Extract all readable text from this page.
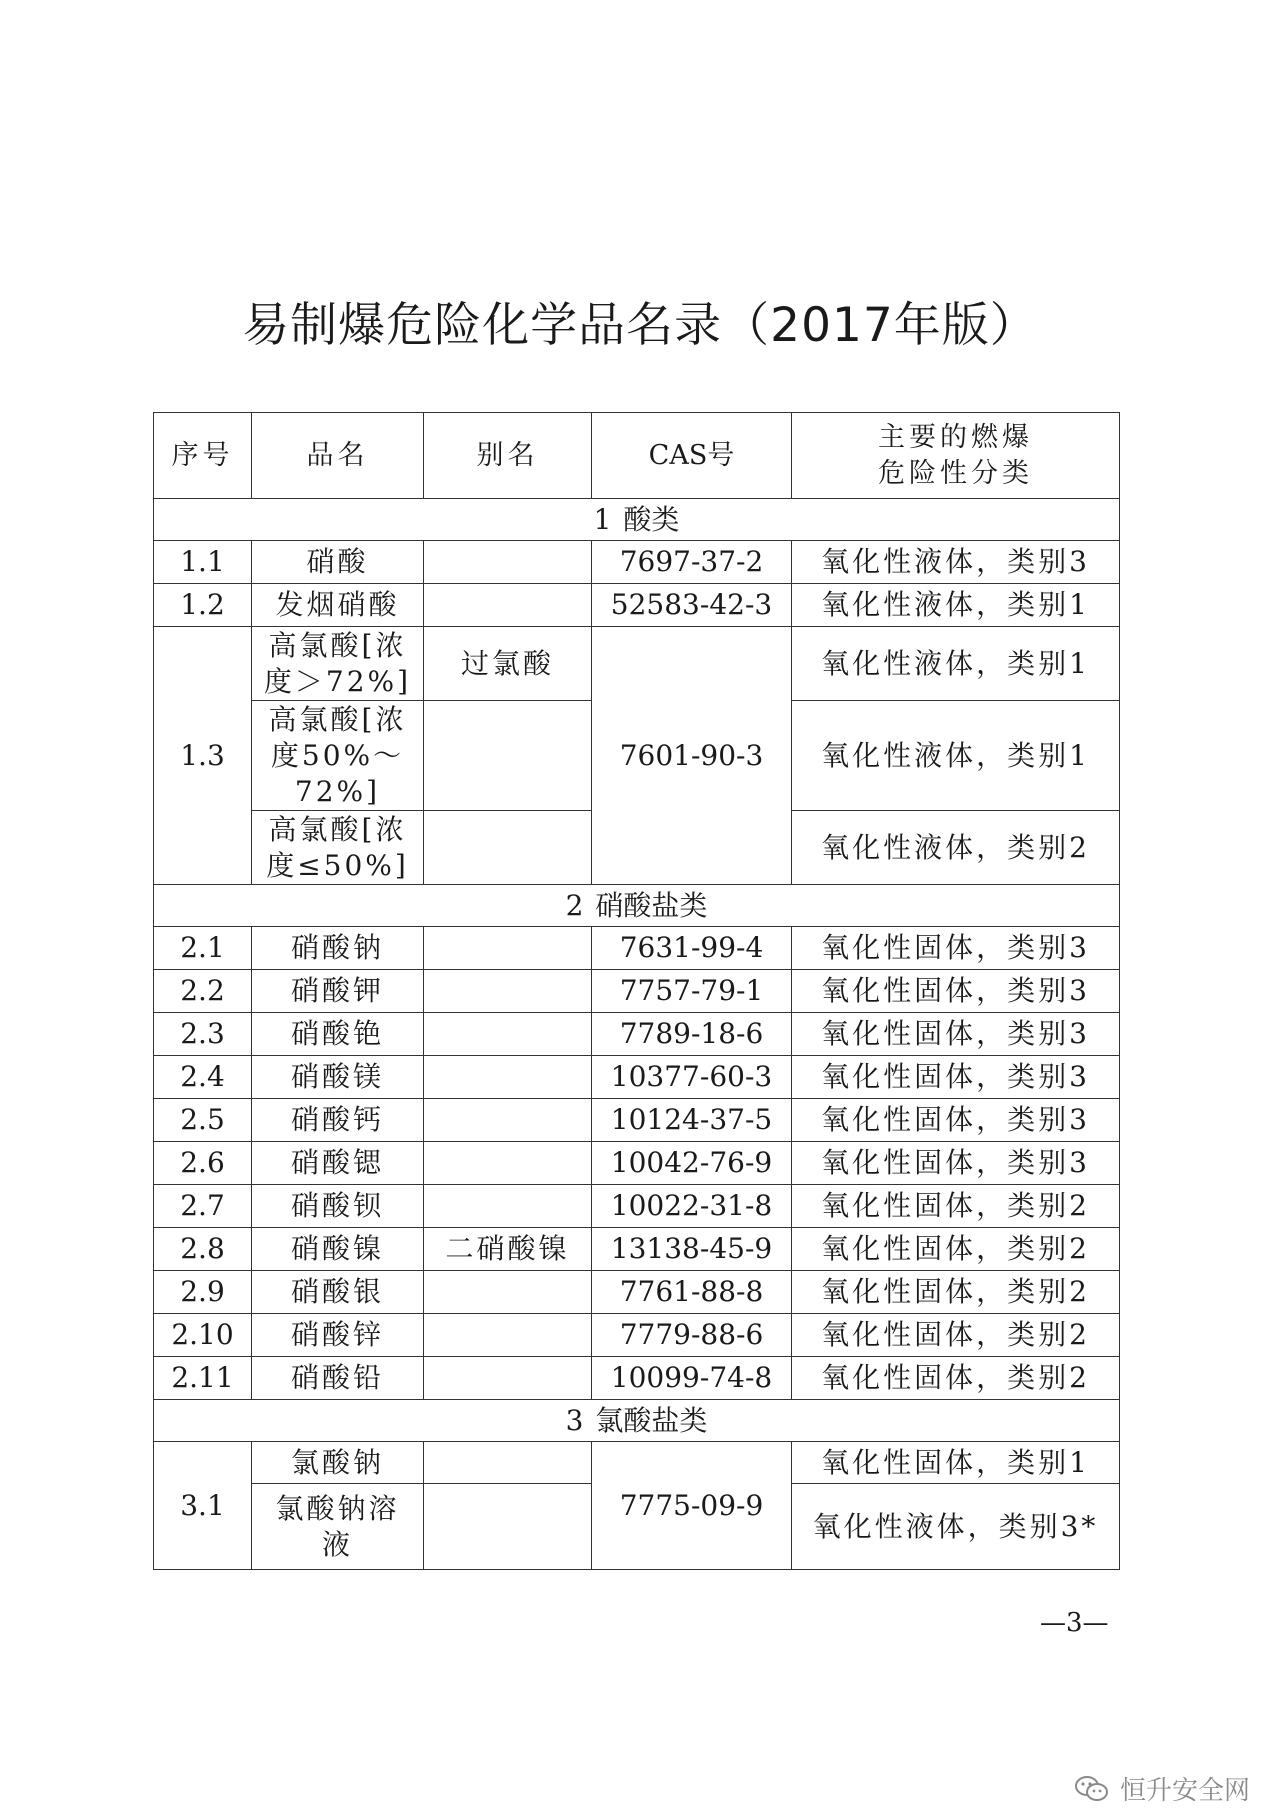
易制爆危险化学品名录（2017年版）
序号	品名	别名	CAS号	主要的燃爆
危险性分类

1 酸类				
1.1	硝酸		7697-37-2	氧化性液体，类别3
1.2	发烟硝酸		52583-42-3	氧化性液体，类别1
1.3	高氯酸[浓
度＞72%]	过氯酸	7601-90-3	氧化性液体，类别1

	高氯酸[浓
度50%～
72%]			氧化性液体，类别1

	高氯酸[浓
度≤50%]			氧化性液体，类别2
2 硝酸盐类				
2.1	硝酸钠		7631-99-4	氧化性固体，类别3
2.2	硝酸钾		7757-79-1	氧化性固体，类别3
2.3	硝酸铯		7789-18-6	氧化性固体，类别3
2.4	硝酸镁		10377-60-3	氧化性固体，类别3
2.5	硝酸钙		10124-37-5	氧化性固体，类别3
2.6	硝酸锶		10042-76-9	氧化性固体，类别3
2.7	硝酸钡		10022-31-8	氧化性固体，类别2
2.8	硝酸镍	二硝酸镍	13138-45-9	氧化性固体，类别2
2.9	硝酸银		7761-88-8	氧化性固体，类别2
2.10	硝酸锌		7779-88-6	氧化性固体，类别2
2.11	硝酸铅		10099-74-8	氧化性固体，类别2
3 氯酸盐类				
3.1	氯酸钠		7775-09-9	氧化性固体，类别1

	氯酸钠溶
液			氧化性液体，类别3*
—3—
恒升安全网
